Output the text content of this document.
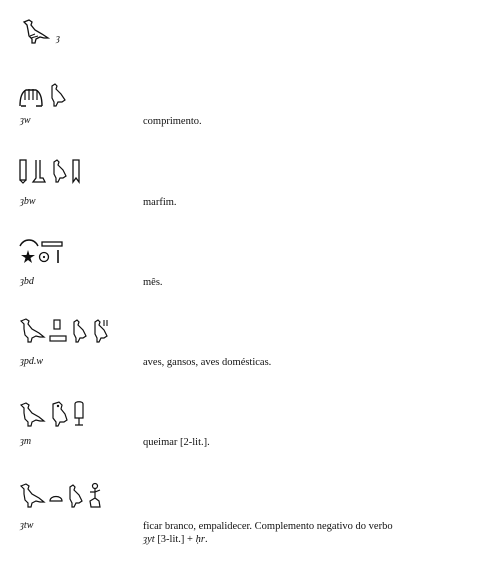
ȝ
ȝw	comprimento.
ȝbw	marfim.
ȝbd	mês.
ȝpd.w	aves, gansos, aves domésticas.
ȝm	queimar [2-lit.].
ȝtw	ficar branco, empalidecer. Complemento negativo do verbo
ȝyt [3-lit.] + ḥr.
